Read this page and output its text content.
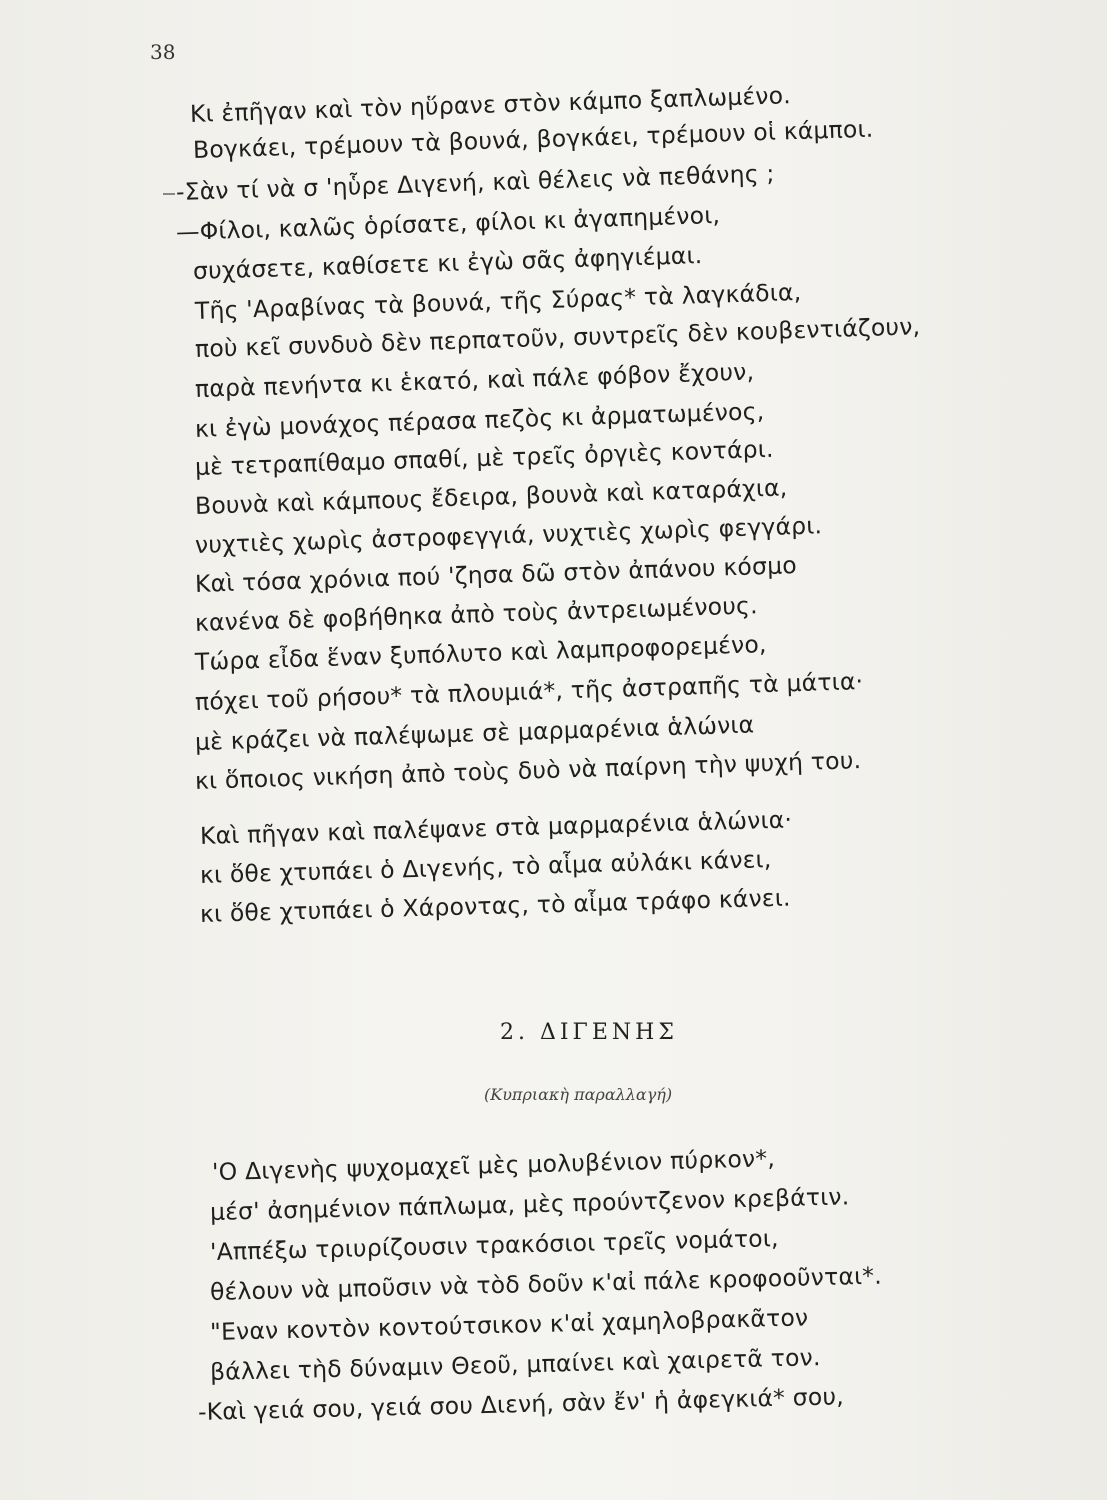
38
Κι ἐπῆγαν καὶ τὸν ηὕρανε στὸν κάμπο ξαπλωμένο.
Βογκάει, τρέμουν τὰ βουνά, βογκάει, τρέμουν οἱ κάμποι.
-Σὰν τί νὰ σ 'ηὗρε Διγενή, καὶ θέλεις νὰ πεθάνης ;
—Φίλοι, καλῶς ὁρίσατε, φίλοι κι ἀγαπημένοι,
συχάσετε, καθίσετε κι ἐγὼ σᾶς ἀφηγιέμαι.
Τῆς 'Αραβίνας τὰ βουνά, τῆς Σύρας* τὰ λαγκάδια,
ποὺ κεῖ συνδυὸ δὲν περπατοῦν, συντρεῖς δὲν κουβεντιάζουν,
παρὰ πενήντα κι ἑκατό, καὶ πάλε φόβον ἔχουν,
κι ἐγὼ μονάχος πέρασα πεζὸς κι ἀρματωμένος,
μὲ τετραπίθαμο σπαθί, μὲ τρεῖς ὀργιὲς κοντάρι.
Βουνὰ καὶ κάμπους ἔδειρα, βουνὰ καὶ καταράχια,
νυχτιὲς χωρὶς ἀστροφεγγιά, νυχτιὲς χωρὶς φεγγάρι.
Καὶ τόσα χρόνια πού 'ζησα δῶ στὸν ἀπάνου κόσμο
κανένα δὲ φοβήθηκα ἀπὸ τοὺς ἀντρειωμένους.
Τώρα εἶδα ἕναν ξυπόλυτο καὶ λαμπροφορεμένο,
πόχει τοῦ ρήσου* τὰ πλουμιά*, τῆς ἀστραπῆς τὰ μάτια·
μὲ κράζει νὰ παλέψωμε σὲ μαρμαρένια ἁλώνια
κι ὅποιος νικήση ἀπὸ τοὺς δυὸ νὰ παίρνη τὴν ψυχή του.
Καὶ πῆγαν καὶ παλέψανε στὰ μαρμαρένια ἁλώνια·
κι ὅθε χτυπάει ὁ Διγενής, τὸ αἷμα αὐλάκι κάνει,
κι ὅθε χτυπάει ὁ Χάροντας, τὸ αἷμα τράφο κάνει.
2. ΔΙΓΕΝΗΣ
(Κυπριακὴ παραλλαγή)
'Ο Διγενὴς ψυχομαχεῖ μὲς μολυβένιον πύρκον*,
μέσ' ἀσημένιον πάπλωμα, μὲς προύντζενον κρεβάτιν.
'Αππέξω τριυρίζουσιν τρακόσιοι τρεῖς νομάτοι,
θέλουν νὰ μποῦσιν νὰ τὸδ δοῦν κ'αἰ πάλε κροφοοῦνται*.
"Εναν κοντὸν κοντούτσικον κ'αἰ χαμηλοβρακᾶτον
βάλλει τὴδ δύναμιν Θεοῦ, μπαίνει καὶ χαιρετᾶ τον.
-Καὶ γειά σου, γειά σου Διενή, σὰν ἔν' ἡ ἀφεγκιά* σου,
